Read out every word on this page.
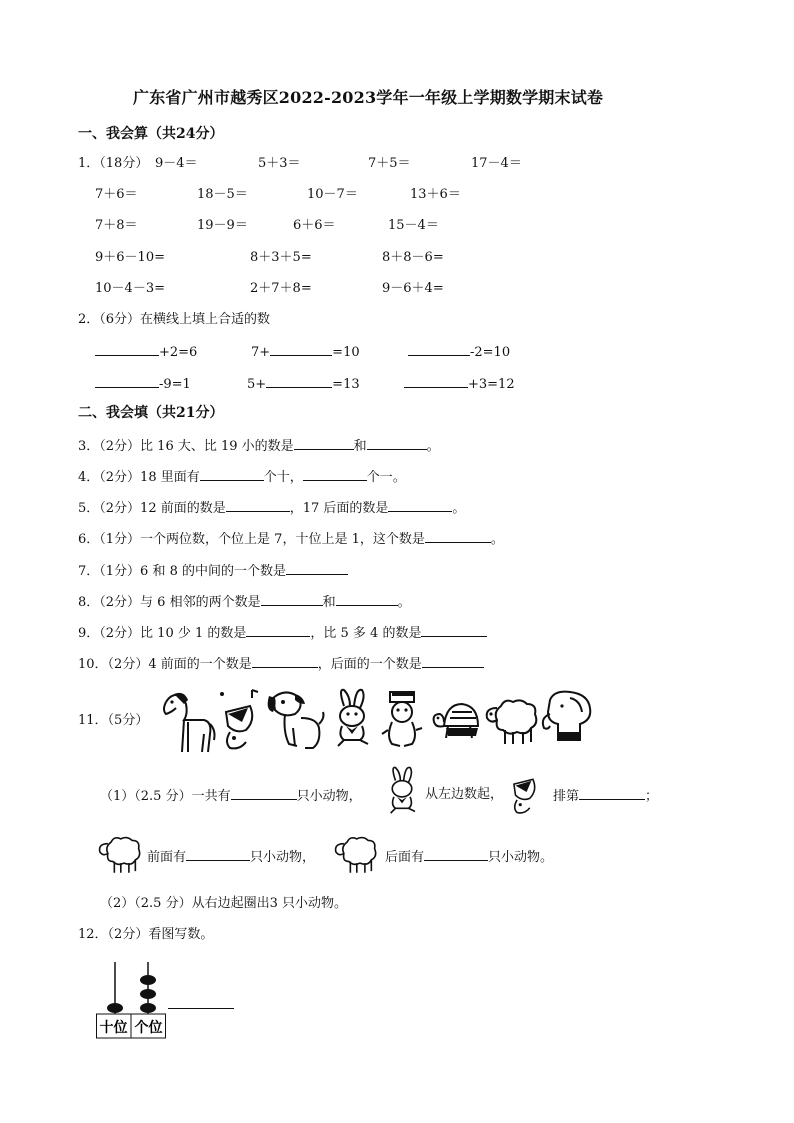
广东省广州市越秀区2022-2023学年一年级上学期数学期末试卷
一、我会算（共24分）
1．（18分） 9－4＝	5＋3＝	7＋5＝	17－4＝
7＋6＝	18－5＝	10－7＝	13＋6＝
7＋8＝	19－9＝	6＋6＝	15－4＝
9＋6－10=	8＋3＋5=	8＋8－6=
10－4－3=	2＋7＋8=	9－6＋4=
2．（6分）在横线上填上合适的数
+2=6	7+	=10	-2=10
-9=1	5+	=13	+3=12
二、我会填（共21分）
3．（2分）比 16 大、比 19 小的数是	和	。
4．（2分）18 里面有	个十，	个一。
5．（2分）12 前面的数是	，17 后面的数是	。
6．（1分）一个两位数，个位上是 7，十位上是 1，这个数是	。
7．（1分）6 和 8 的中间的一个数是
8．（2分）与 6 相邻的两个数是	和	。
9．（2分）比 10 少 1 的数是	，比 5 多 4 的数是
10．（2分）4 前面的一个数是	，后面的一个数是
11．（5分）
（1）（2.5 分）一共有	只小动物，	从左边数起，	排第	；
前面有	只小动物，	后面有	只小动物。
（2）（2.5 分）从右边起圈出3 只小动物。
12．（2分）看图写数。
十位 个位
